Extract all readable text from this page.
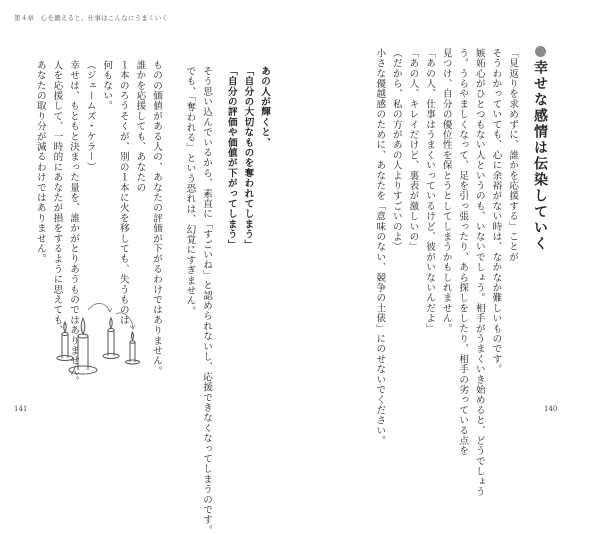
第４章　心を鍛えると、仕事はこんなにうまくいく
幸せな感情は伝染していく
「見返りを求めずに、誰かを応援する」ことが
そうわかっていても、心に余裕がない時は、なかなか難しいものです。
嫉妬心がひとつもない人というのも、いないでしょう。相手がうまくいき始めると、どうでしょう
う。うらやましくなって、足を引っ張ったり、あら探しをしたり、相手の劣っている点を
見つけ、自分の優位性を保とうとしてしまうかもしれません。
「あの人、仕事はうまくいっているけど、彼がいないんだよ」
「あの人、キレイだけど、裏表が激しいの」
（だから、私の方があの人よりすごいのよ）
小さな優越感のために、あなたを「意味のない、競争の土俵」にのせないでください。	140
あの人が輝くと、
「自分の大切なものを奪われてしまう」
「自分の評価や価値が下がってしまう」
そう思い込んでいるから、素直に「すごいね」と認められないし、応援できなくなってしまうのです。
でも、「奪われる」という恐れは、幻覚にすぎません。
ものの価値がある人の、あなたの評価が下がるわけではありません。
誰かを応援しても、あなたの
１本のろうそくが、別の１本に火を移しても、失うものは
何もない。
（ジェームズ・ケラー）
幸せは、もともと決まった量を、誰かがとりあうものではありません。
人を応援して、一時的にあなたが損をするように思えても、
あなたの取り分が減るわけではありません。
141
